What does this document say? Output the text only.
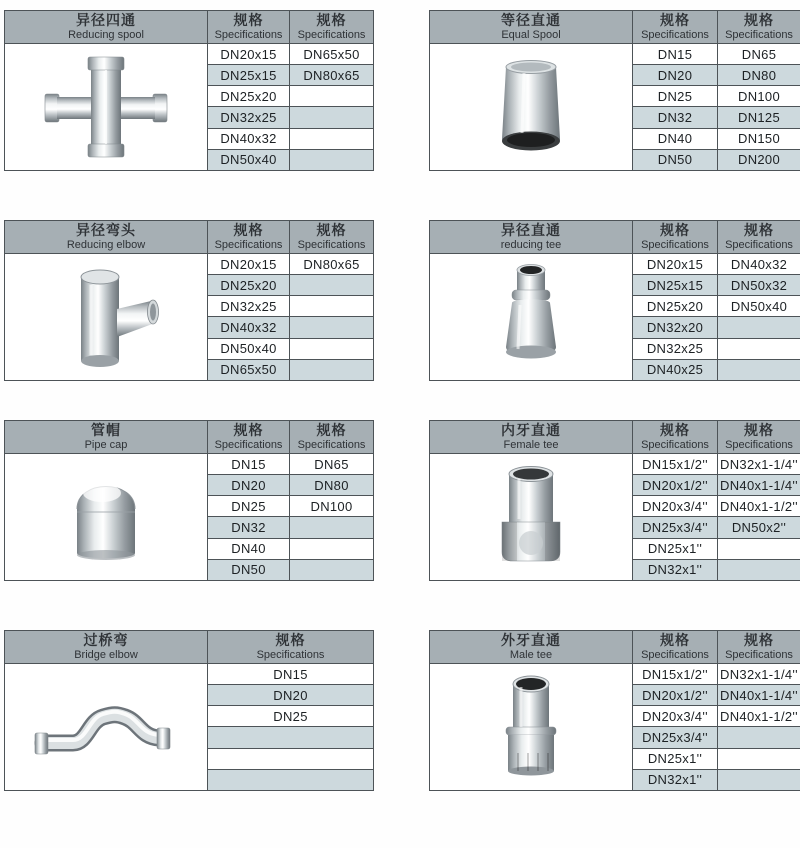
异径四通
Reducing spool
规格
Specifications
规格
Specifications
DN20x15	DN65x50
DN25x15	DN80x65
DN25x20
DN32x25
DN40x32
DN50x40
等径直通
Equal Spool
规格
Specifications
规格
Specifications
DN15	DN65
DN20	DN80
DN25	DN100
DN32	DN125
DN40	DN150
DN50	DN200
异径弯头
Reducing elbow
规格
Specifications
规格
Specifications
DN20x15	DN80x65
DN25x20
DN32x25
DN40x32
DN50x40
DN65x50
异径直通
reducing tee
规格
Specifications
规格
Specifications
DN20x15	DN40x32
DN25x15	DN50x32
DN25x20	DN50x40
DN32x20
DN32x25
DN40x25
管帽
Pipe cap
规格
Specifications
规格
Specifications
DN15	DN65
DN20	DN80
DN25	DN100
DN32
DN40
DN50
内牙直通
Female tee
规格
Specifications
规格
Specifications
DN15x1/2'' DN32x1-1/4''
DN20x1/2'' DN40x1-1/4''
DN20x3/4'' DN40x1-1/2''
DN25x3/4''	DN50x2''
DN25x1''
DN32x1''
过桥弯
Bridge elbow
规格
Specifications
DN15
DN20
DN25
外牙直通
Male tee
规格
Specifications
规格
Specifications
DN15x1/2'' DN32x1-1/4''
DN20x1/2'' DN40x1-1/4''
DN20x3/4'' DN40x1-1/2''
DN25x3/4''
DN25x1''
DN32x1''
